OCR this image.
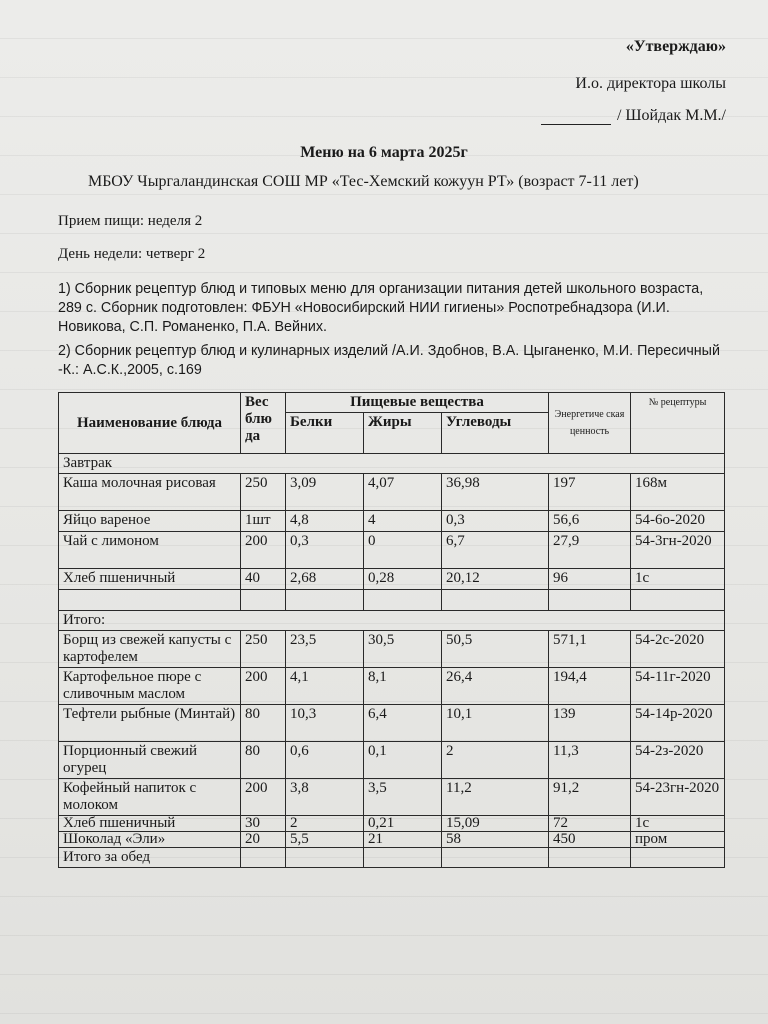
«Утверждаю»
И.о. директора школы
/ Шойдак М.М./
Меню на 6 марта 2025г
МБОУ Чыргаландинская СОШ МР «Тес-Хемский кожуун РТ» (возраст 7-11 лет)
Прием пищи: неделя 2
День недели: четверг 2
1) Сборник рецептур блюд и типовых меню для организации питания детей школьного возраста, 289 с. Сборник подготовлен: ФБУН «Новосибирский НИИ гигиены» Роспотребнадзора (И.И. Новикова, С.П. Романенко, П.А. Вейних.
2) Сборник рецептур блюд и кулинарных изделий /А.И. Здобнов, В.А. Цыганенко, М.И. Пересичный -К.: А.С.К.,2005, с.169
Наименование блюда	Вес блю да	Пищевые вещества			Энергетиче ская ценность	№ рецептуры
		Белки	Жиры	Углеводы		
Завтрак						
Каша молочная рисовая	250	3,09	4,07	36,98	197	168м
Яйцо вареное	1шт	4,8	4	0,3	56,6	54-6о-2020
Чай с лимоном	200	0,3	0	6,7	27,9	54-3гн-2020
Хлеб пшеничный	40	2,68	0,28	20,12	96	1с

Итого:						
Борщ из свежей капусты с картофелем	250	23,5	30,5	50,5	571,1	54-2с-2020
Картофельное пюре с сливочным маслом	200	4,1	8,1	26,4	194,4	54-11г-2020
Тефтели рыбные (Минтай)	80	10,3	6,4	10,1	139	54-14р-2020
Порционный свежий огурец	80	0,6	0,1	2	11,3	54-2з-2020
Кофейный напиток с молоком	200	3,8	3,5	11,2	91,2	54-23гн-2020
Хлеб пшеничный	30	2	0,21	15,09	72	1с
Шоколад «Эли»	20	5,5	21	58	450	пром
Итого за обед						
